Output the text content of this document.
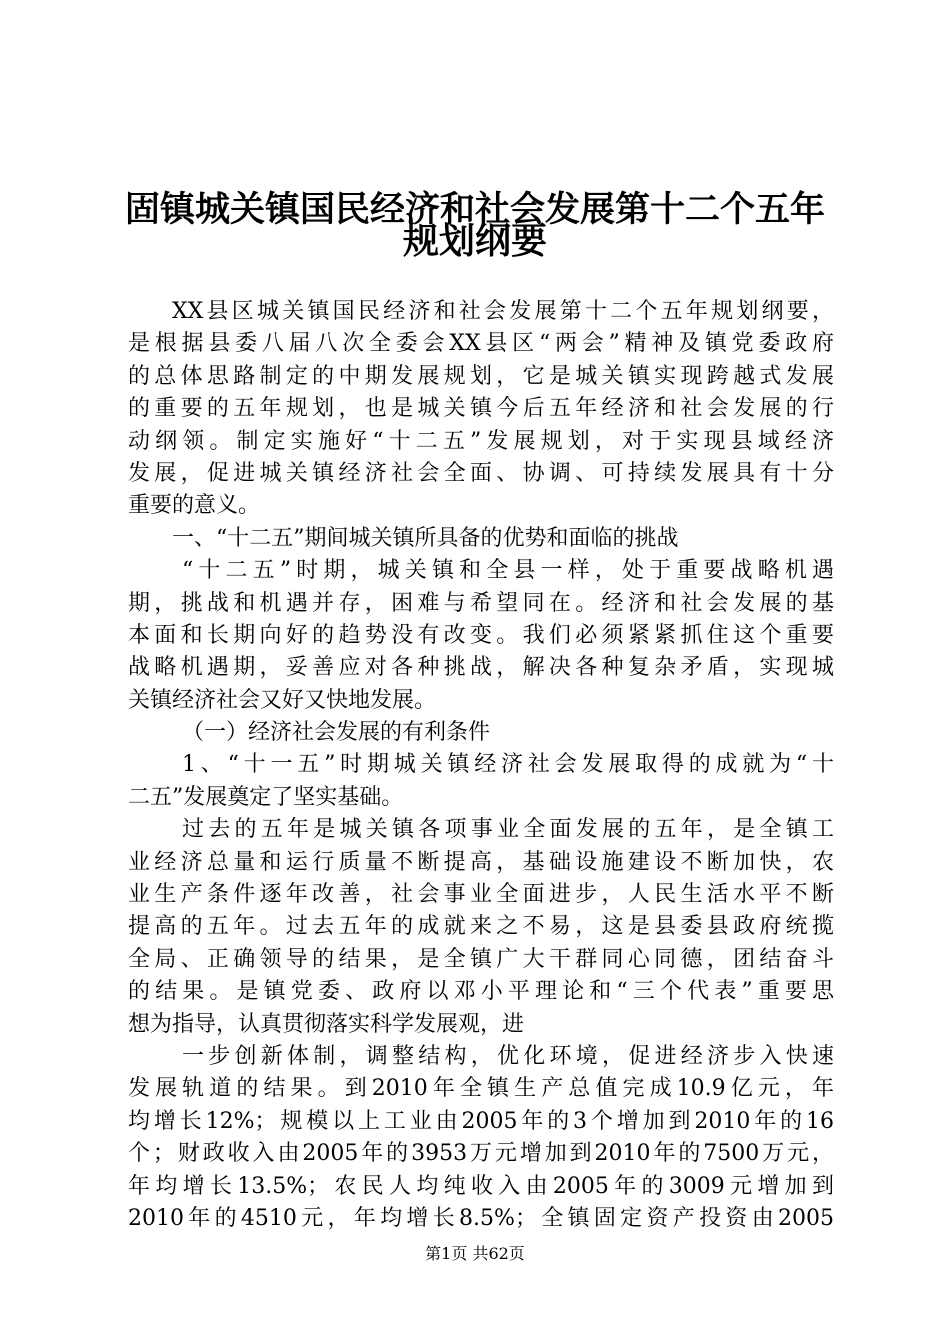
固镇城关镇国民经济和社会发展第十二个五年
规划纲要
XX县区城关镇国民经济和社会发展第十二个五年规划纲要，
是根据县委八届八次全委会XX县区“两会”精神及镇党委政府
的总体思路制定的中期发展规划，它是城关镇实现跨越式发展
的重要的五年规划，也是城关镇今后五年经济和社会发展的行
动纲领。制定实施好“十二五”发展规划，对于实现县域经济
发展，促进城关镇经济社会全面、协调、可持续发展具有十分
重要的意义。
一、“十二五”期间城关镇所具备的优势和面临的挑战
“十二五”时期，城关镇和全县一样，处于重要战略机遇
期，挑战和机遇并存，困难与希望同在。经济和社会发展的基
本面和长期向好的趋势没有改变。我们必须紧紧抓住这个重要
战略机遇期，妥善应对各种挑战，解决各种复杂矛盾，实现城
关镇经济社会又好又快地发展。
（一）经济社会发展的有利条件
1、“十一五”时期城关镇经济社会发展取得的成就为“十
二五”发展奠定了坚实基础。
过去的五年是城关镇各项事业全面发展的五年，是全镇工
业经济总量和运行质量不断提高，基础设施建设不断加快，农
业生产条件逐年改善，社会事业全面进步，人民生活水平不断
提高的五年。过去五年的成就来之不易，这是县委县政府统揽
全局、正确领导的结果，是全镇广大干群同心同德，团结奋斗
的结果。是镇党委、政府以邓小平理论和“三个代表”重要思
想为指导，认真贯彻落实科学发展观，进
一步创新体制，调整结构，优化环境，促进经济步入快速
发展轨道的结果。到2010年全镇生产总值完成10.9亿元，年
均增长12%；规模以上工业由2005年的3个增加到2010年的16
个；财政收入由2005年的3953万元增加到2010年的7500万元，
年均增长13.5%；农民人均纯收入由2005年的3009元增加到
2010年的4510元，年均增长8.5%；全镇固定资产投资由2005
第1页 共62页
